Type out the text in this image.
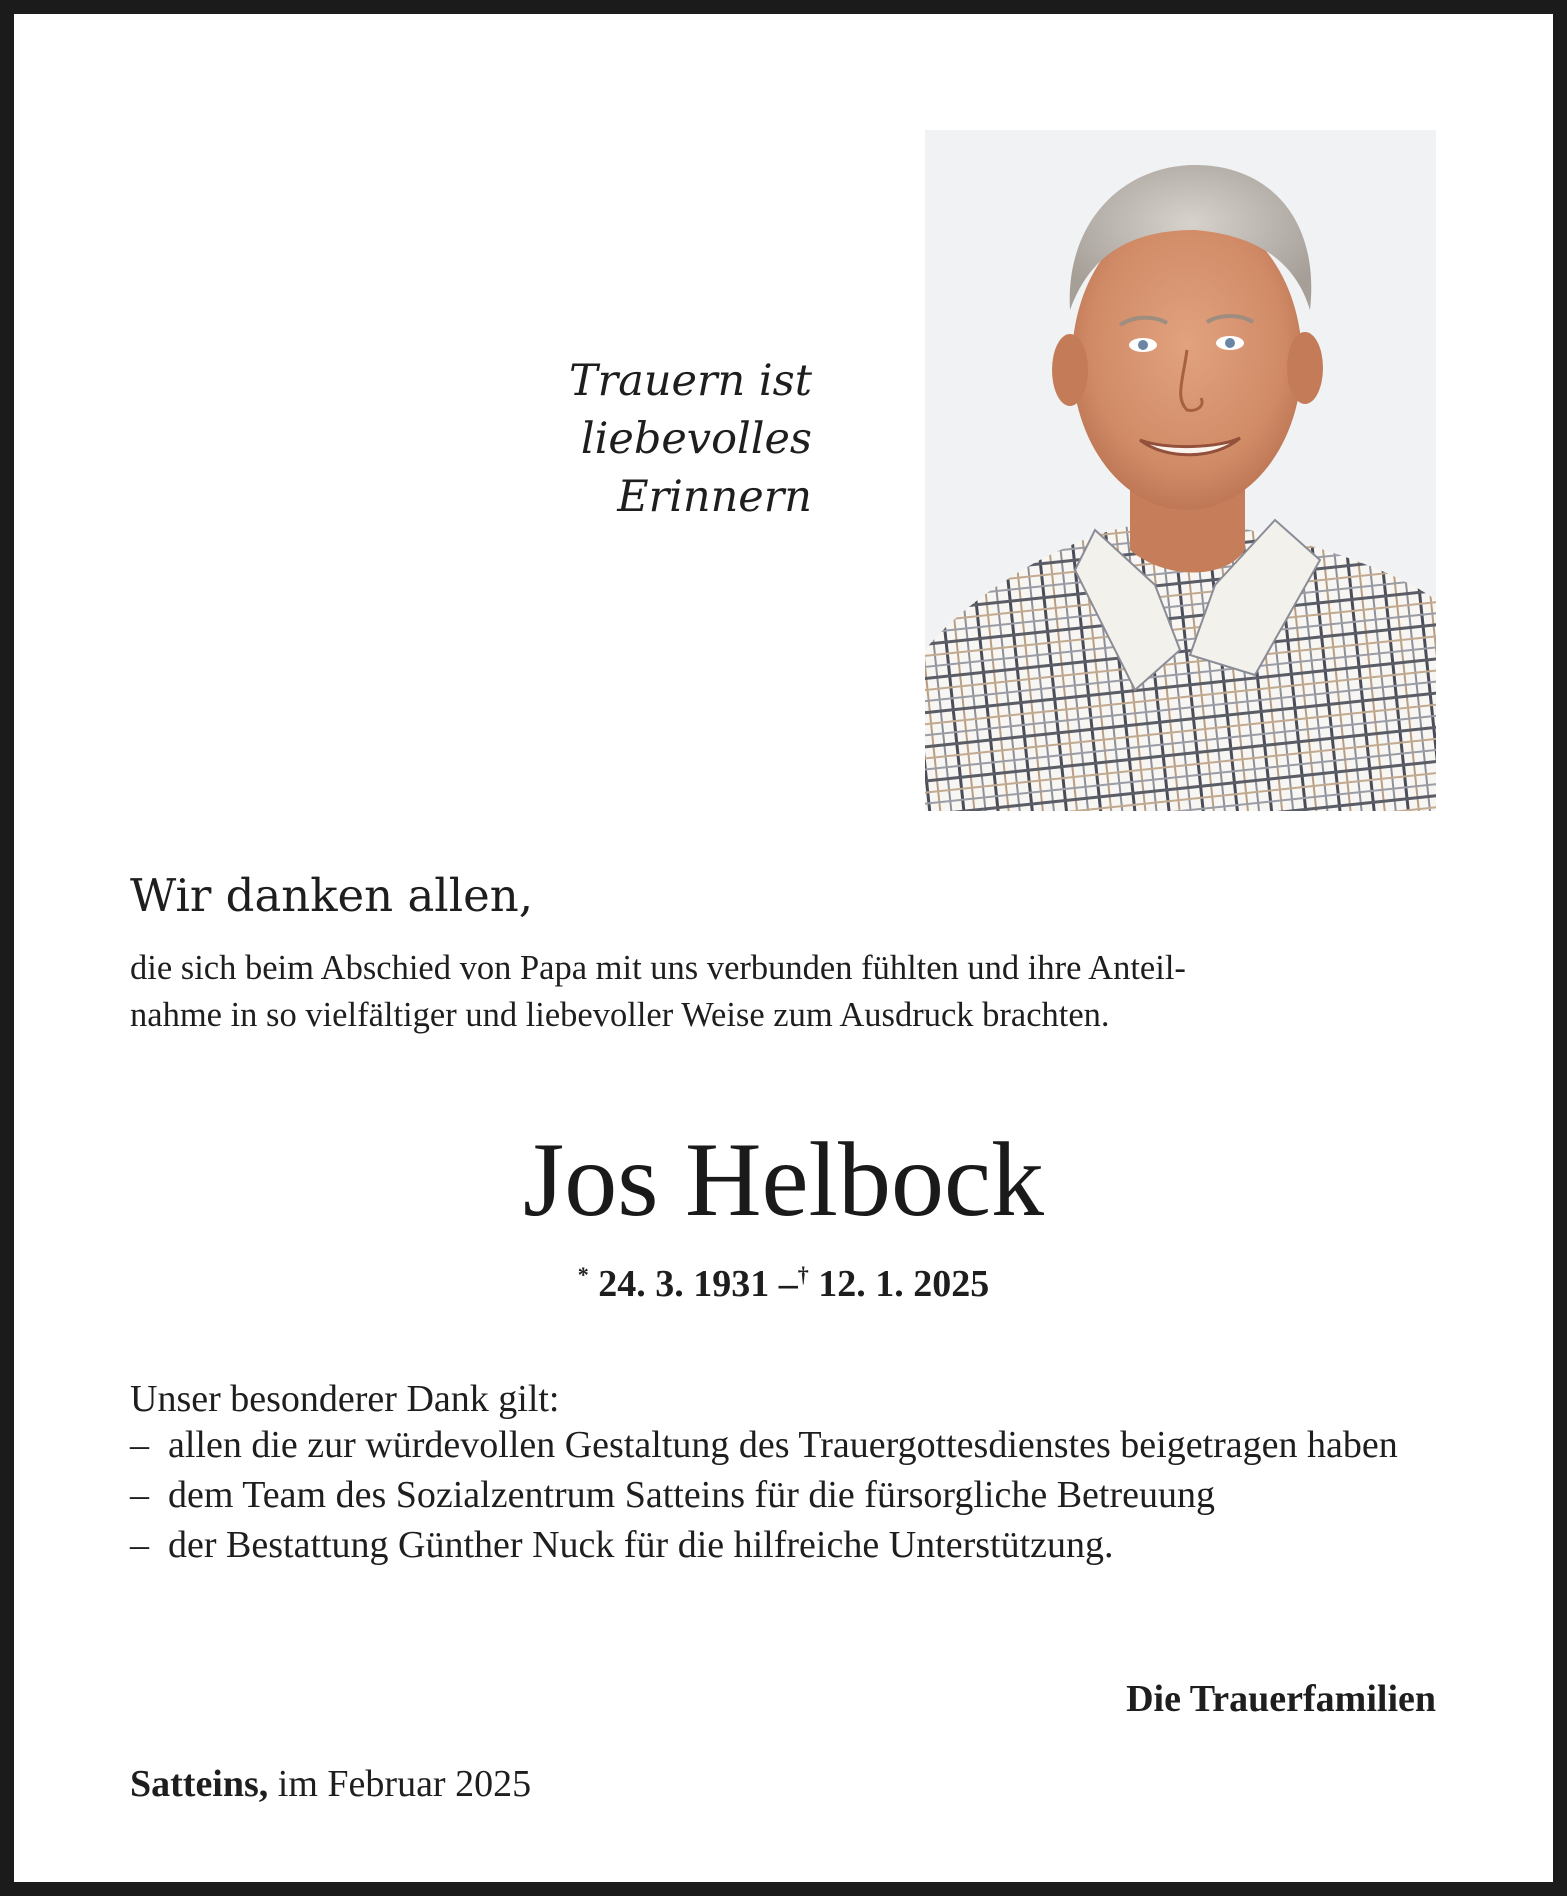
Trauern ist
liebevolles
Erinnern
Wir danken allen,
die sich beim Abschied von Papa mit uns verbunden fühlten und ihre Anteil-
nahme in so vielfältiger und liebevoller Weise zum Ausdruck brachten.
Jos Helbock
* 24. 3. 1931 –† 12. 1. 2025
Unser besonderer Dank gilt:
– allen die zur würdevollen Gestaltung des Trauergottesdienstes beigetragen haben
– dem Team des Sozialzentrum Satteins für die fürsorgliche Betreuung
– der Bestattung Günther Nuck für die hilfreiche Unterstützung.
Die Trauerfamilien
Satteins, im Februar 2025
